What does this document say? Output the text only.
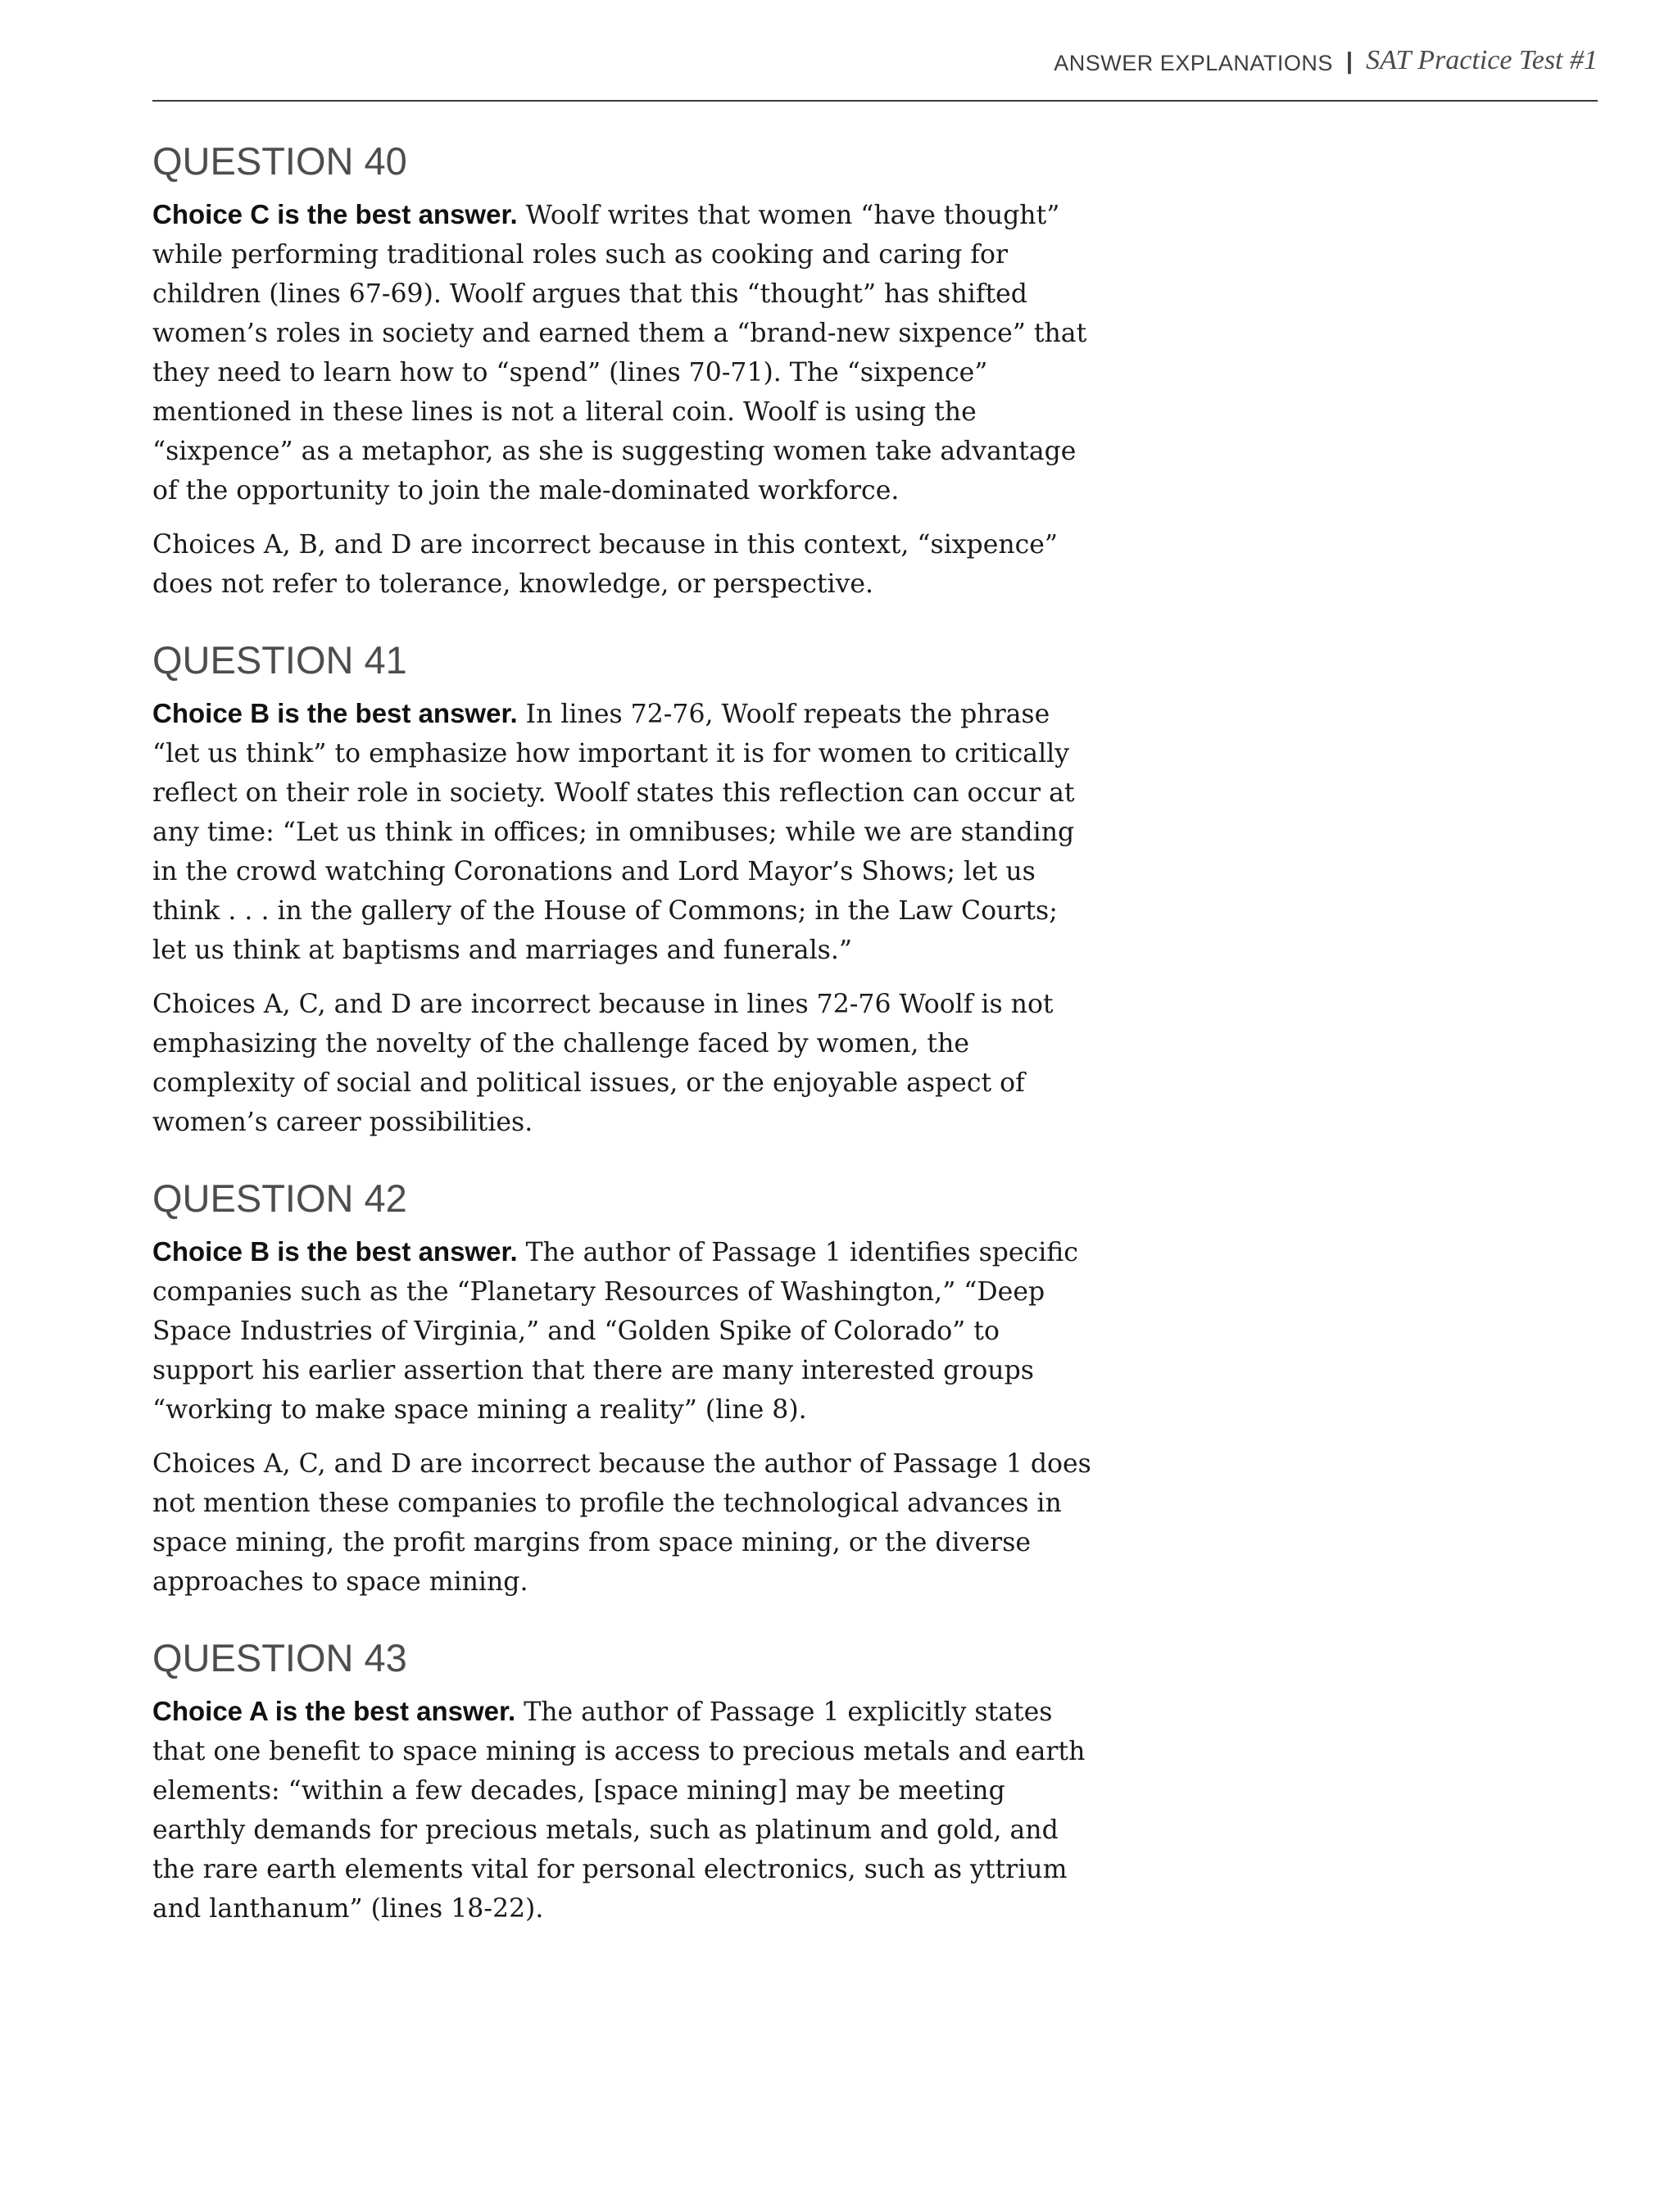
ANSWER EXPLANATIONS | SAT Practice Test #1
QUESTION 40

Choice C is the best answer. Woolf writes that women “have thought” while performing traditional roles such as cooking and caring for children (lines 67-69). Woolf argues that this “thought” has shifted women’s roles in society and earned them a “brand-new sixpence” that they need to learn how to “spend” (lines 70-71). The “sixpence” mentioned in these lines is not a literal coin. Woolf is using the “sixpence” as a metaphor, as she is suggesting women take advantage of the opportunity to join the male-dominated workforce.

Choices A, B, and D are incorrect because in this context, “sixpence” does not refer to tolerance, knowledge, or perspective.

QUESTION 41

Choice B is the best answer. In lines 72-76, Woolf repeats the phrase “let us think” to emphasize how important it is for women to critically reflect on their role in society. Woolf states this reflection can occur at any time: “Let us think in offices; in omnibuses; while we are standing in the crowd watching Coronations and Lord Mayor’s Shows; let us think . . . in the gallery of the House of Commons; in the Law Courts; let us think at baptisms and marriages and funerals.”

Choices A, C, and D are incorrect because in lines 72-76 Woolf is not emphasizing the novelty of the challenge faced by women, the complexity of social and political issues, or the enjoyable aspect of women’s career possibilities.

QUESTION 42

Choice B is the best answer. The author of Passage 1 identifies specific companies such as the “Planetary Resources of Washington,” “Deep Space Industries of Virginia,” and “Golden Spike of Colorado” to support his earlier assertion that there are many interested groups “working to make space mining a reality” (line 8).

Choices A, C, and D are incorrect because the author of Passage 1 does not mention these companies to profile the technological advances in space mining, the profit margins from space mining, or the diverse approaches to space mining.

QUESTION 43

Choice A is the best answer. The author of Passage 1 explicitly states that one benefit to space mining is access to precious metals and earth elements: “within a few decades, [space mining] may be meeting earthly demands for precious metals, such as platinum and gold, and the rare earth elements vital for personal electronics, such as yttrium and lanthanum” (lines 18-22).
